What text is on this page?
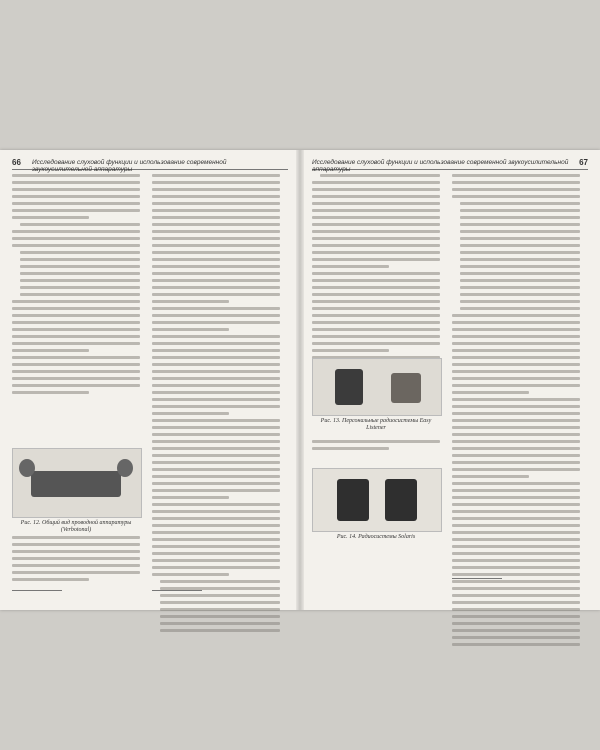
66 Исследование слуховой функции и использование современной звукоусилительной аппаратуры
Рис. 12. Общий вид проводной аппаратуры (Verbotonal)
Исследование слуховой функции и использование современной звукоусилительной аппаратуры
67
Рис. 13. Персональные радиосистемы Easy Listener
Рис. 14. Радиосистемы Solaris
